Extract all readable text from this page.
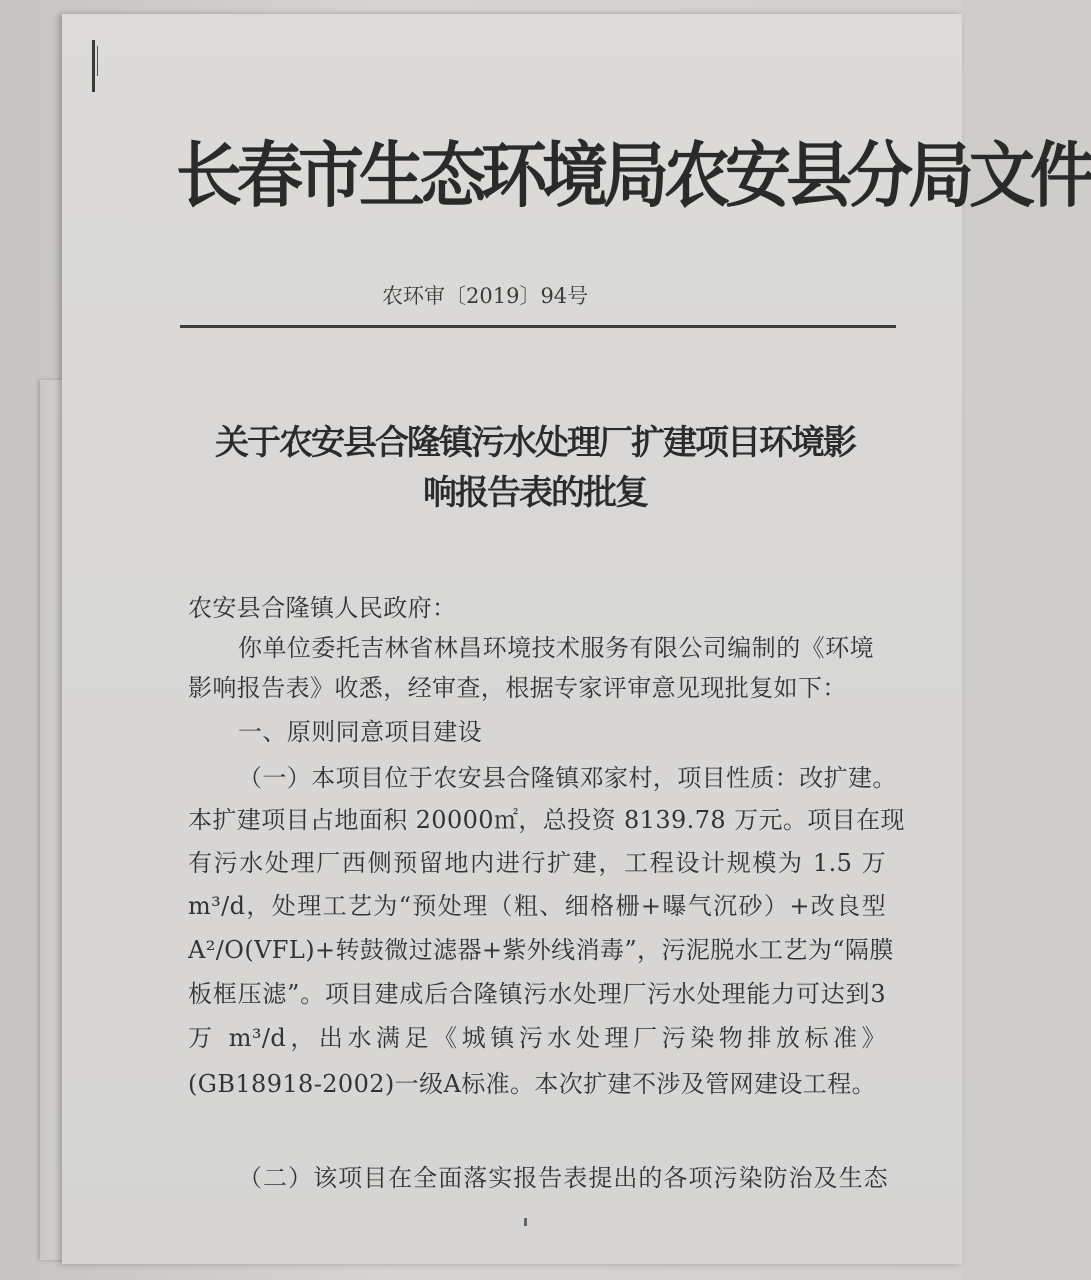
长春市生态环境局农安县分局文件
农环审〔2019〕94号
关于农安县合隆镇污水处理厂扩建项目环境影
响报告表的批复
农安县合隆镇人民政府：
你单位委托吉林省林昌环境技术服务有限公司编制的《环境
影响报告表》收悉，经审查，根据专家评审意见现批复如下：
一、原则同意项目建设
（一）本项目位于农安县合隆镇邓家村，项目性质：改扩建。
本扩建项目占地面积 20000㎡，总投资 8139.78 万元。项目在现
有污水处理厂西侧预留地内进行扩建，工程设计规模为 1.5 万
m³/d，处理工艺为“预处理（粗、细格栅+曝气沉砂）+改良型
A²/O(VFL)+转鼓微过滤器+紫外线消毒”，污泥脱水工艺为“隔膜
板框压滤”。项目建成后合隆镇污水处理厂污水处理能力可达到3
万 m³/d，出水满足《城镇污水处理厂污染物排放标准》
(GB18918-2002)一级A标准。本次扩建不涉及管网建设工程。
（二）该项目在全面落实报告表提出的各项污染防治及生态
